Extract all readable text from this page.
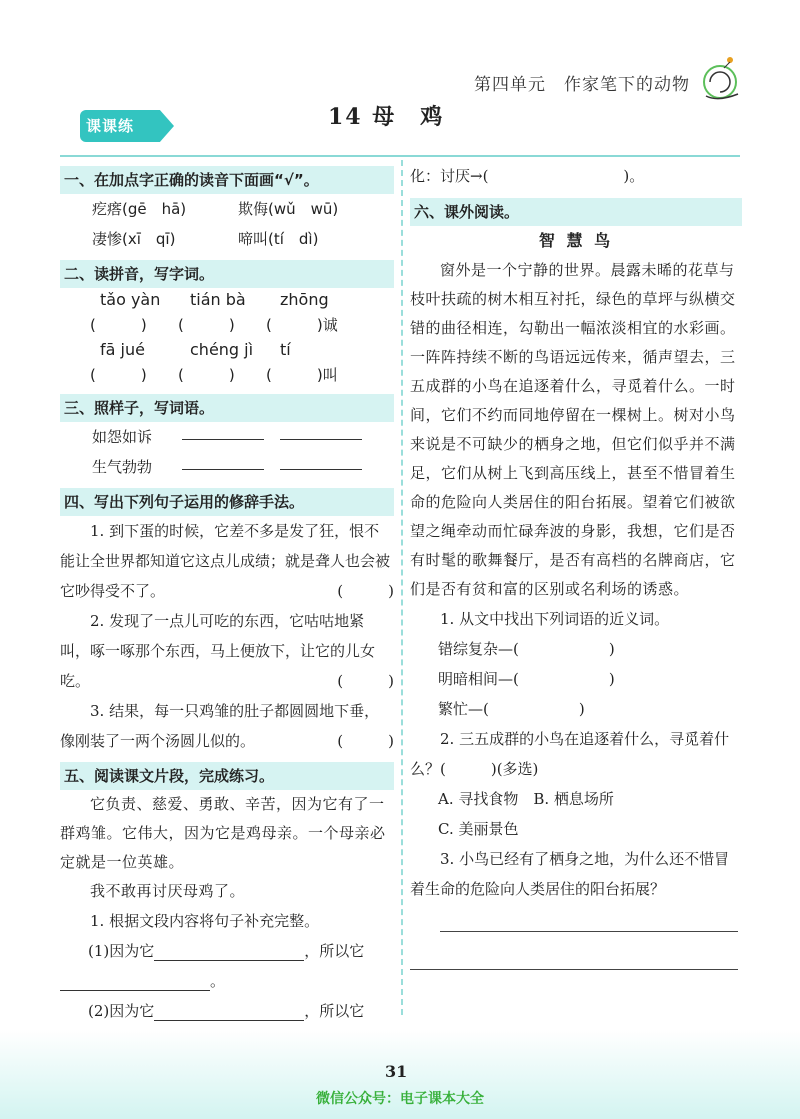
第四单元　作家笔下的动物
课课练	14 母　鸡
一、在加点字正确的读音下面画“√”。
疙瘩(gē　hā)	欺侮(wǔ　wū)
凄惨(xī　qī)	啼叫(tí　dì)
二、读拼音，写字词。
tǎo yàn	tián bà	zhōng
(　　　)	(　　　)	(　　　)诚
fā jué	chéng jì	tí
(　　　)	(　　　)	(　　　)叫
三、照样子，写词语。
如怨如诉
生气勃勃
四、写出下列句子运用的修辞手法。
1. 到下蛋的时候，它差不多是发了狂，恨不能让全世界都知道它这点儿成绩；就是聋人也会被它吵得受不了。	(　　　)
2. 发现了一点儿可吃的东西，它咕咕地紧叫，啄一啄那个东西，马上便放下，让它的儿女吃。	(　　　)
3. 结果，每一只鸡雏的肚子都圆圆地下垂，像刚装了一两个汤圆儿似的。	(　　　)
五、阅读课文片段，完成练习。
它负责、慈爱、勇敢、辛苦，因为它有了一群鸡雏。它伟大，因为它是鸡母亲。一个母亲必定就是一位英雄。
我不敢再讨厌母鸡了。
1. 根据文段内容将句子补充完整。
(1)因为它	，所以它
。
(2)因为它	，所以它
化：讨厌→(　　　　　　　　　)。
六、课外阅读。
智 慧 鸟
窗外是一个宁静的世界。晨露未晞的花草与枝叶扶疏的树木相互衬托，绿色的草坪与纵横交错的曲径相连，勾勒出一幅浓淡相宜的水彩画。一阵阵持续不断的鸟语远远传来，循声望去，三五成群的小鸟在追逐着什么，寻觅着什么。一时间，它们不约而同地停留在一棵树上。树对小鸟来说是不可缺少的栖身之地，但它们似乎并不满足，它们从树上飞到高压线上，甚至不惜冒着生命的危险向人类居住的阳台拓展。望着它们被欲望之绳牵动而忙碌奔波的身影，我想，它们是否有时髦的歌舞餐厅，是否有高档的名牌商店，它们是否有贫和富的区别或名利场的诱惑。
1. 从文中找出下列词语的近义词。
错综复杂—(　　　　　　)
明暗相间—(　　　　　　)
繁忙—(　　　　　　)
2. 三五成群的小鸟在追逐着什么，寻觅着什么？(　　　)(多选)
A. 寻找食物　B. 栖息场所
C. 美丽景色
3. 小鸟已经有了栖身之地，为什么还不惜冒着生命的危险向人类居住的阳台拓展？
31
微信公众号：电子课本大全
